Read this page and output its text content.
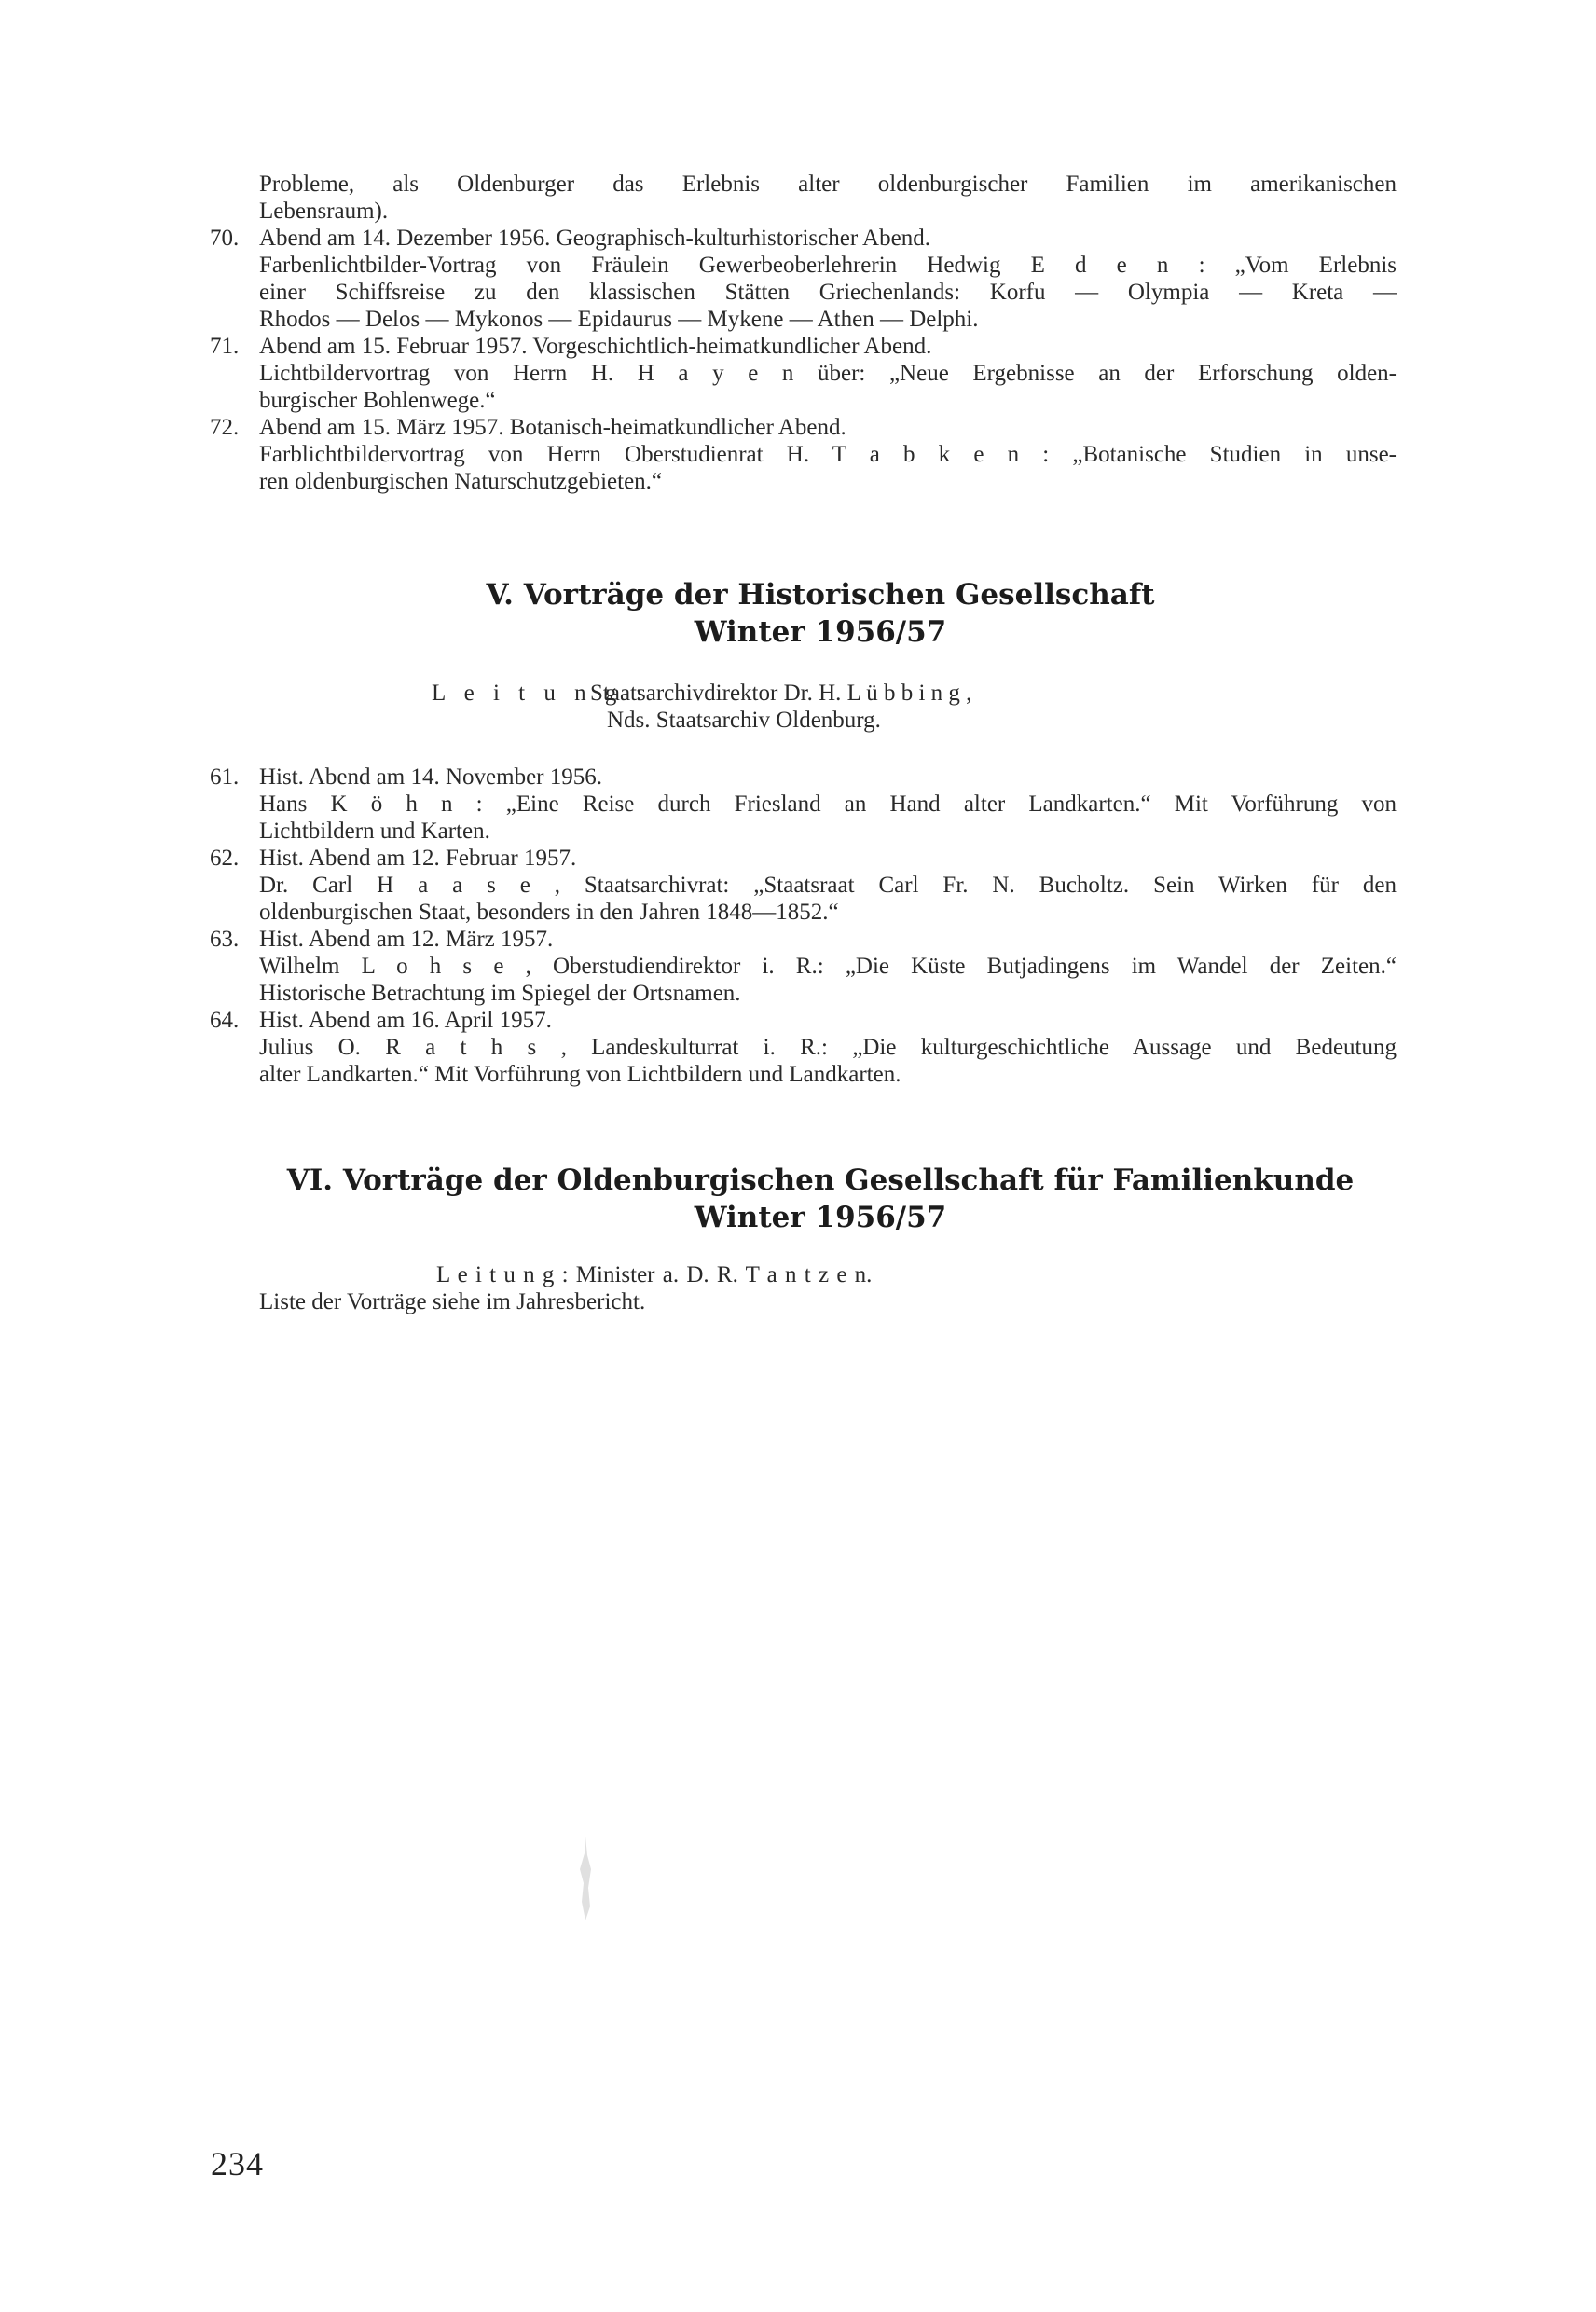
Probleme, als Oldenburger das Erlebnis alter oldenburgischer Familien im amerikanischen
Lebensraum).
70. Abend am 14. Dezember 1956. Geographisch-kulturhistorischer Abend.
Farbenlichtbilder-Vortrag von Fräulein Gewerbeoberlehrerin Hedwig E d e n : „Vom Erlebnis
einer Schiffsreise zu den klassischen Stätten Griechenlands: Korfu — Olympia — Kreta —
Rhodos — Delos — Mykonos — Epidaurus — Mykene — Athen — Delphi.
71. Abend am 15. Februar 1957. Vorgeschichtlich-heimatkundlicher Abend.
Lichtbildervortrag von Herrn H. H a y e n über: „Neue Ergebnisse an der Erforschung olden-
burgischer Bohlenwege.“
72. Abend am 15. März 1957. Botanisch-heimatkundlicher Abend.
Farblichtbildervortrag von Herrn Oberstudienrat H. T a b k e n : „Botanische Studien in unse-
ren oldenburgischen Naturschutzgebieten.“
V. Vorträge der Historischen Gesellschaft
Winter 1956/57
L e i t u n g :
Staatsarchivdirektor Dr. H. L ü b b i n g ,
Nds. Staatsarchiv Oldenburg.
61. Hist. Abend am 14. November 1956.
Hans K ö h n : „Eine Reise durch Friesland an Hand alter Landkarten.“ Mit Vorführung von
Lichtbildern und Karten.
62. Hist. Abend am 12. Februar 1957.
Dr. Carl H a a s e , Staatsarchivrat: „Staatsraat Carl Fr. N. Bucholtz. Sein Wirken für den
oldenburgischen Staat, besonders in den Jahren 1848—1852.“
63. Hist. Abend am 12. März 1957.
Wilhelm L o h s e , Oberstudiendirektor i. R.: „Die Küste Butjadingens im Wandel der Zeiten.“
Historische Betrachtung im Spiegel der Ortsnamen.
64. Hist. Abend am 16. April 1957.
Julius O. R a t h s , Landeskulturrat i. R.: „Die kulturgeschichtliche Aussage und Bedeutung
alter Landkarten.“ Mit Vorführung von Lichtbildern und Landkarten.
VI. Vorträge der Oldenburgischen Gesellschaft für Familienkunde
Winter 1956/57
L e i t u n g : Minister a. D. R. T a n t z e n.
Liste der Vorträge siehe im Jahresbericht.
234
